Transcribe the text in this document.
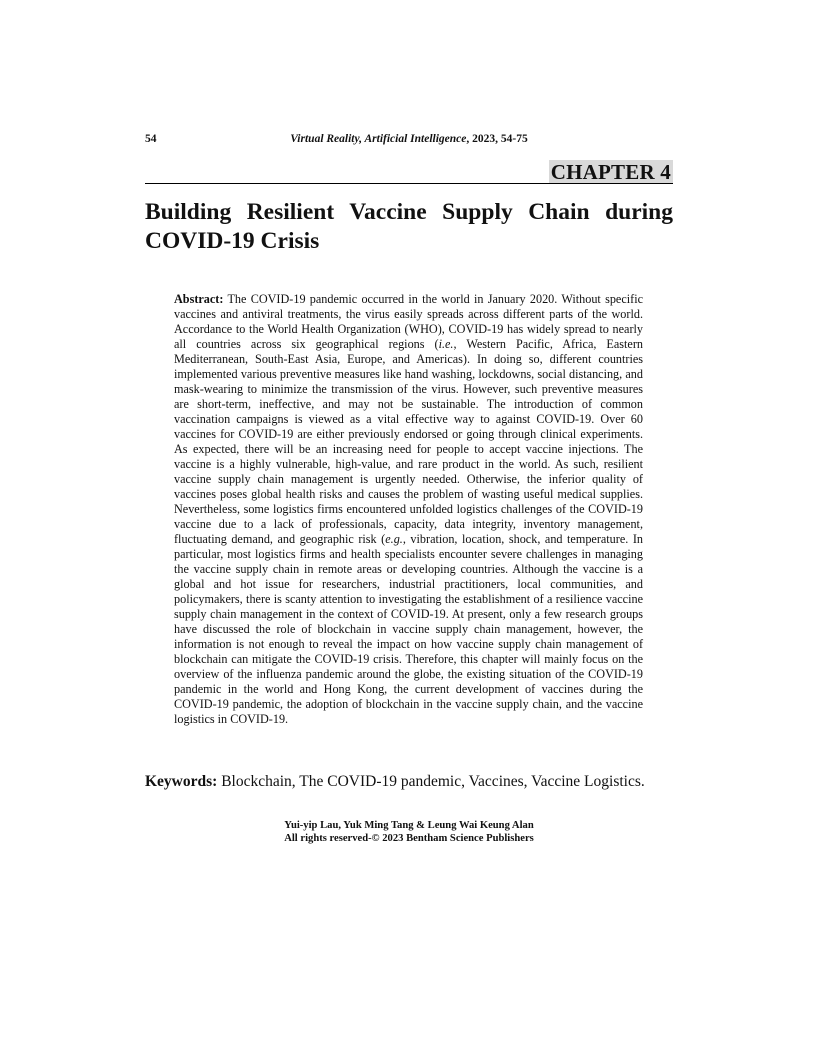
54	Virtual Reality, Artificial Intelligence, 2023, 54-75
CHAPTER 4
Building Resilient Vaccine Supply Chain during COVID-19 Crisis

Abstract: The COVID-19 pandemic occurred in the world in January 2020. Without specific vaccines and antiviral treatments, the virus easily spreads across different parts of the world. Accordance to the World Health Organization (WHO), COVID-19 has widely spread to nearly all countries across six geographical regions (i.e., Western Pacific, Africa, Eastern Mediterranean, South-East Asia, Europe, and Americas). In doing so, different countries implemented various preventive measures like hand washing, lockdowns, social distancing, and mask-wearing to minimize the transmission of the virus. However, such preventive measures are short-term, ineffective, and may not be sustainable. The introduction of common vaccination campaigns is viewed as a vital effective way to against COVID-19. Over 60 vaccines for COVID-19 are either previously endorsed or going through clinical experiments. As expected, there will be an increasing need for people to accept vaccine injections. The vaccine is a highly vulnerable, high-value, and rare product in the world. As such, resilient vaccine supply chain management is urgently needed. Otherwise, the inferior quality of vaccines poses global health risks and causes the problem of wasting useful medical supplies. Nevertheless, some logistics firms encountered unfolded logistics challenges of the COVID-19 vaccine due to a lack of professionals, capacity, data integrity, inventory management, fluctuating demand, and geographic risk (e.g., vibration, location, shock, and temperature. In particular, most logistics firms and health specialists encounter severe challenges in managing the vaccine supply chain in remote areas or developing countries. Although the vaccine is a global and hot issue for researchers, industrial practitioners, local communities, and policymakers, there is scanty attention to investigating the establishment of a resilience vaccine supply chain management in the context of COVID-19. At present, only a few research groups have discussed the role of blockchain in vaccine supply chain management, however, the information is not enough to reveal the impact on how vaccine supply chain management of blockchain can mitigate the COVID-19 crisis. Therefore, this chapter will mainly focus on the overview of the influenza pandemic around the globe, the existing situation of the COVID-19 pandemic in the world and Hong Kong, the current development of vaccines during the COVID-19 pandemic, the adoption of blockchain in the vaccine supply chain, and the vaccine logistics in COVID-19.

Keywords: Blockchain, The COVID-19 pandemic, Vaccines, Vaccine Logistics.

Yui-yip Lau, Yuk Ming Tang & Leung Wai Keung Alan
All rights reserved-© 2023 Bentham Science Publishers
